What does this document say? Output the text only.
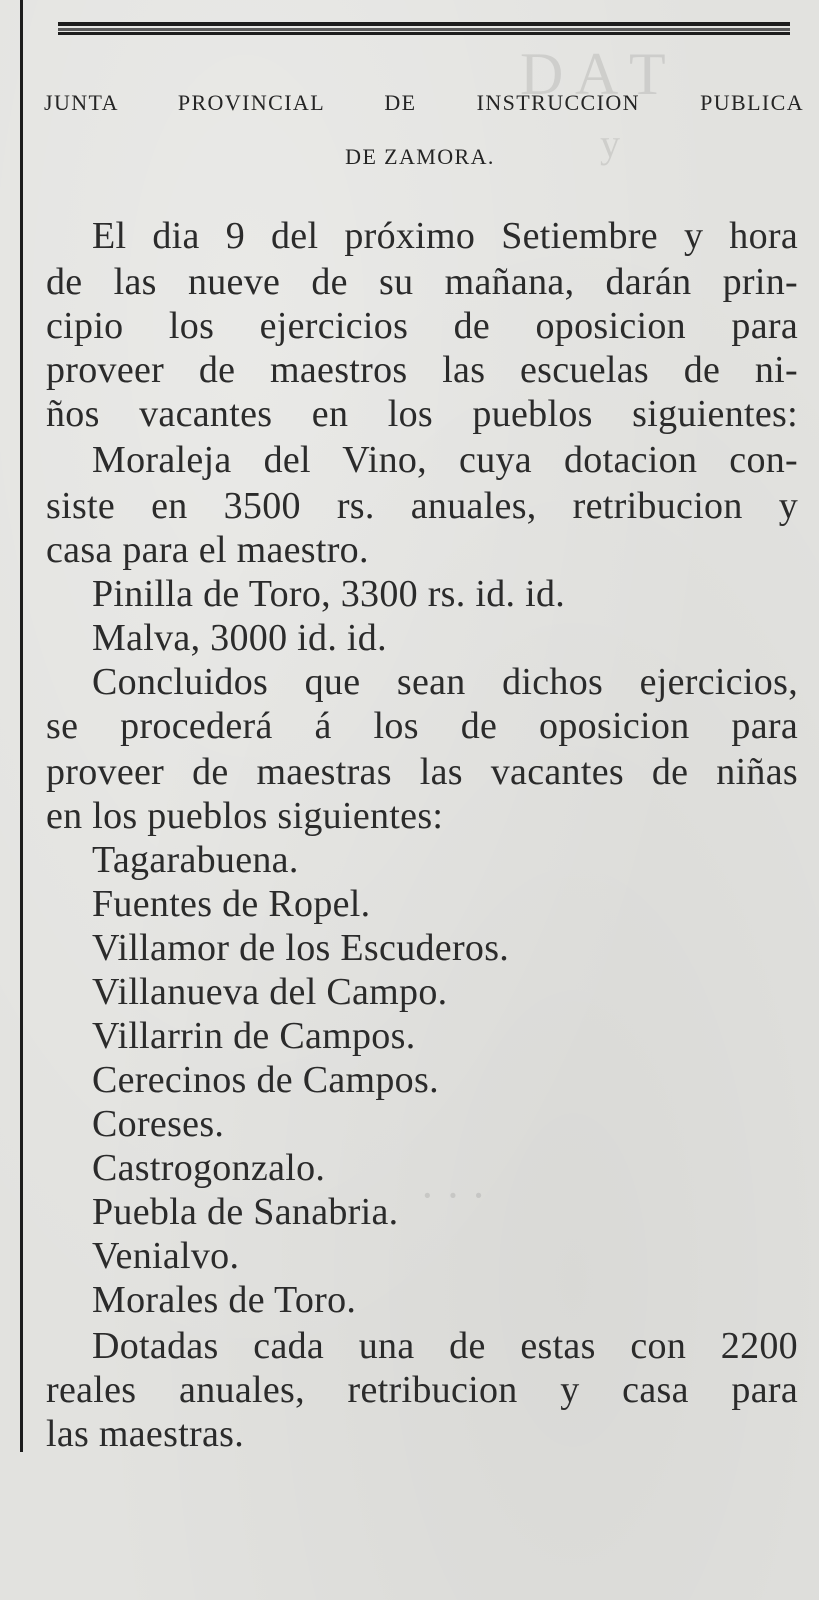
D A T
y
· · ·
JUNTA PROVINCIAL DE INSTRUCCION PUBLICA
DE ZAMORA.
El dia 9 del próximo Setiembre y hora
de las nueve de su mañana, darán prin-
cipio los ejercicios de oposicion para
proveer de maestros las escuelas de ni-
ños vacantes en los pueblos siguientes:
Moraleja del Vino, cuya dotacion con-
siste en 3500 rs. anuales, retribucion y
casa para el maestro.
Pinilla de Toro, 3300 rs. id. id.
Malva, 3000 id. id.
Concluidos que sean dichos ejercicios,
se procederá á los de oposicion para
proveer de maestras las vacantes de niñas
en los pueblos siguientes:
Tagarabuena.
Fuentes de Ropel.
Villamor de los Escuderos.
Villanueva del Campo.
Villarrin de Campos.
Cerecinos de Campos.
Coreses.
Castrogonzalo.
Puebla de Sanabria.
Venialvo.
Morales de Toro.
Dotadas cada una de estas con 2200
reales anuales, retribucion y casa para
las maestras.
